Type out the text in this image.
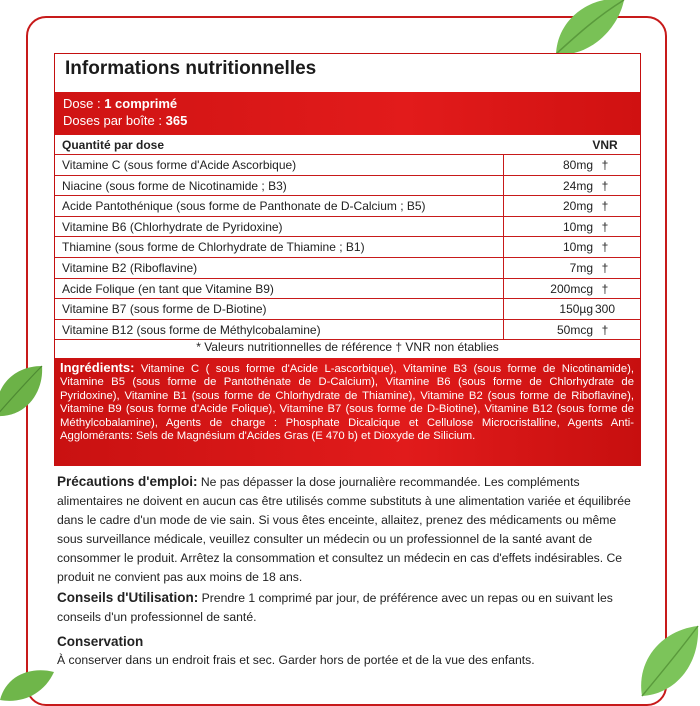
Informations nutritionnelles
Dose : 1 comprimé
Doses par boîte : 365
Quantité par dose	VNR
Vitamine C (sous forme d'Acide Ascorbique)	80mg †
Niacine (sous forme de Nicotinamide ; B3)	24mg †
Acide Pantothénique (sous forme de Panthonate de D-Calcium ; B5)	20mg †
Vitamine B6 (Chlorhydrate de Pyridoxine)	10mg †
Thiamine (sous forme de Chlorhydrate de Thiamine ; B1)	10mg †
Vitamine B2 (Riboflavine)	7mg †
Acide Folique (en tant que Vitamine B9)	200mcg †
Vitamine B7 (sous forme de D-Biotine)	150µg 300
Vitamine B12 (sous forme de Méthylcobalamine)	50mcg †
* Valeurs nutritionnelles de référence † VNR non établies
Ingrédients: Vitamine C ( sous forme d'Acide L-ascorbique), Vitamine B3 (sous forme de Nicotinamide), Vitamine B5 (sous forme de Pantothénate de D-Calcium), Vitamine B6 (sous forme de Chlorhydrate de Pyridoxine), Vitamine B1 (sous forme de Chlorhydrate de Thiamine), Vitamine B2 (sous forme de Riboflavine), Vitamine B9 (sous forme d'Acide Folique), Vitamine B7 (sous forme de D-Biotine), Vitamine B12 (sous forme de Méthylcobalamine), Agents de charge : Phosphate Dicalcique et Cellulose Microcristalline, Agents Anti-Agglomérants: Sels de Magnésium d'Acides Gras (E 470 b) et Dioxyde de Silicium.
Précautions d'emploi: Ne pas dépasser la dose journalière recommandée. Les compléments alimentaires ne doivent en aucun cas être utilisés comme substituts à une alimentation variée et équilibrée dans le cadre d'un mode de vie sain. Si vous êtes enceinte, allaitez, prenez des médicaments ou même sous surveillance médicale, veuillez consulter un médecin ou un professionnel de la santé avant de consommer le produit. Arrêtez la consommation et consultez un médecin en cas d'effets indésirables. Ce produit ne convient pas aux moins de 18 ans.
Conseils d'Utilisation: Prendre 1 comprimé par jour, de préférence avec un repas ou en suivant les conseils d'un professionnel de santé.
Conservation
À conserver dans un endroit frais et sec. Garder hors de portée et de la vue des enfants.
